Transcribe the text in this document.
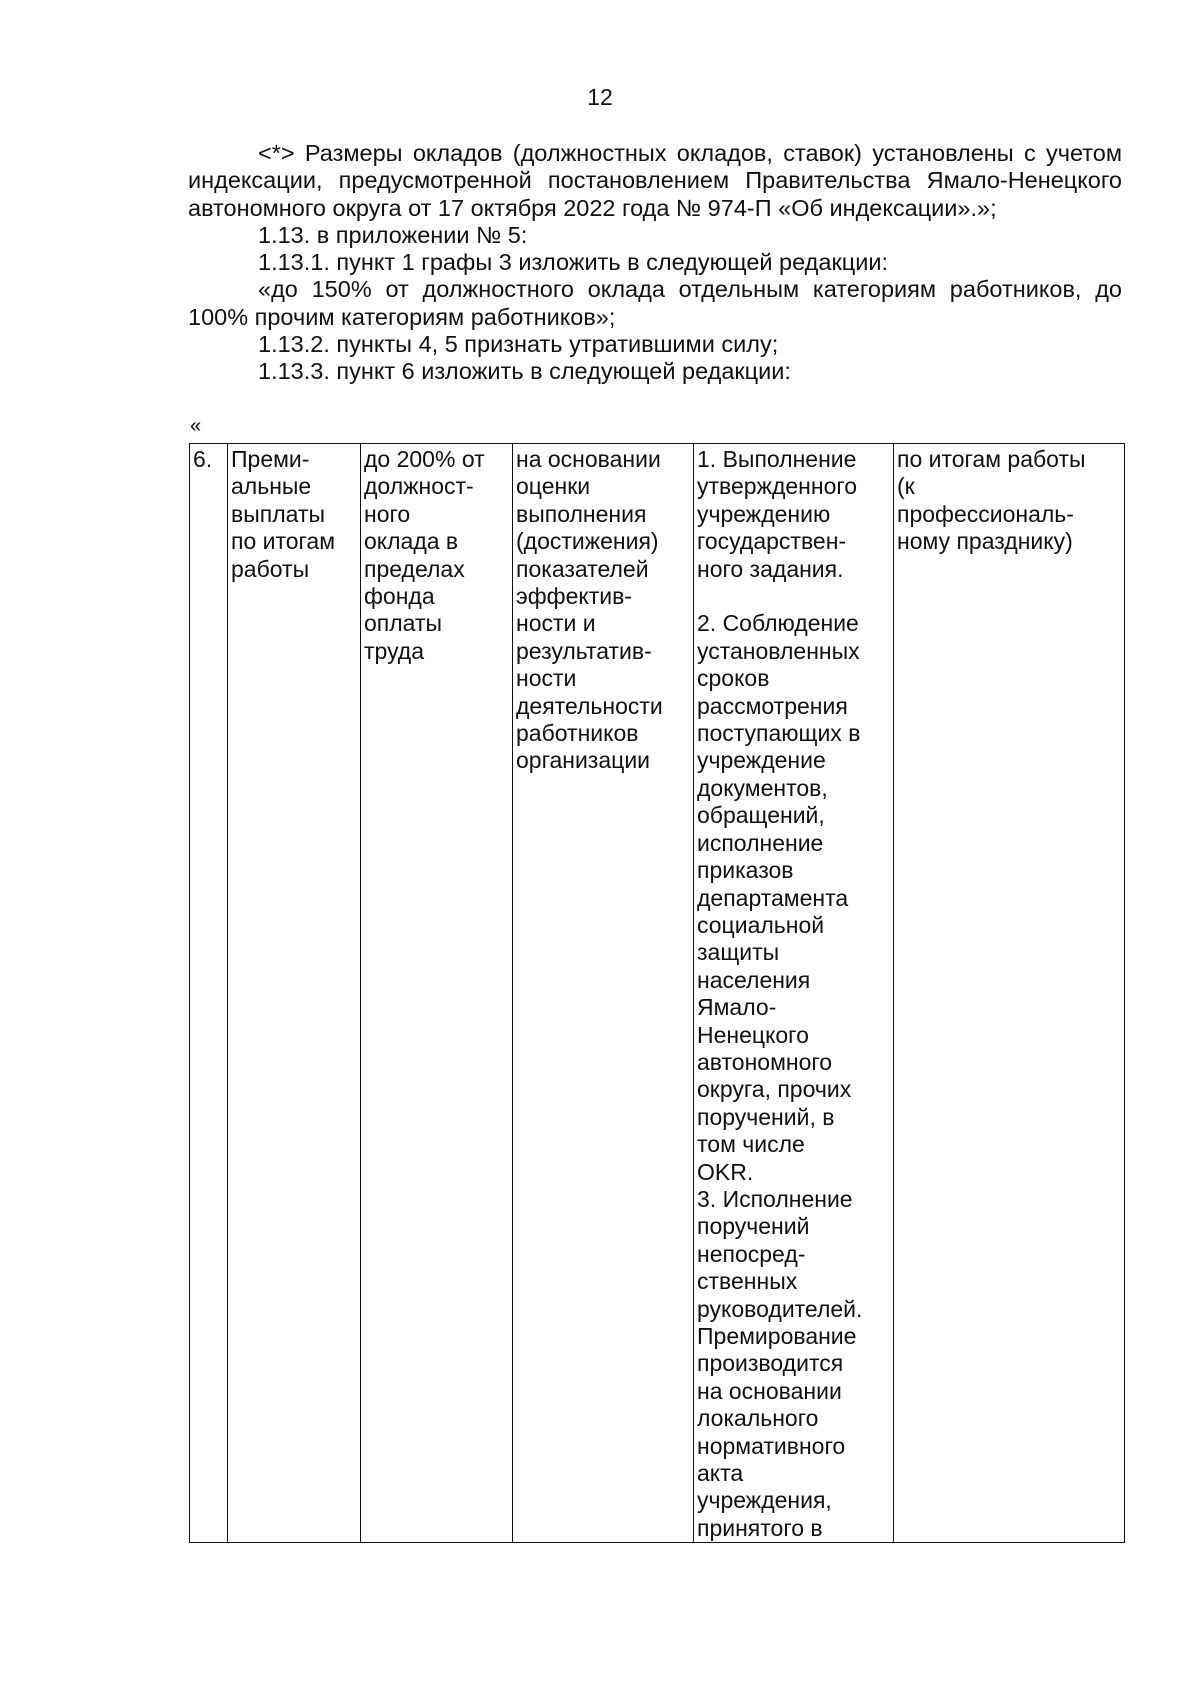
12

<*> Размеры окладов (должностных окладов, ставок) установлены с учетом индексации, предусмотренной постановлением Правительства Ямало-Ненецкого автономного округа от 17 октября 2022 года № 974-П «Об индексации».»;

1.13. в приложении № 5:

1.13.1. пункт 1 графы 3 изложить в следующей редакции:

«до 150% от должностного оклада отдельным категориям работников, до 100% прочим категориям работников»;

1.13.2. пункты 4, 5 признать утратившими силу;

1.13.3. пункт 6 изложить в следующей редакции:

«
6.	Преми-
альные
выплаты
по итогам
работы	до 200% от
должност-
ного
оклада в
пределах
фонда
оплаты
труда	на основании
оценки
выполнения
(достижения)
показателей
эффектив-
ности и
результатив-
ности
деятельности
работников
организации	1. Выполнение
утвержденного
учреждению
государствен-
ного задания.

2. Соблюдение
установленных
сроков
рассмотрения
поступающих в
учреждение
документов,
обращений,
исполнение
приказов
департамента
социальной
защиты
населения
Ямало-
Ненецкого
автономного
округа, прочих
поручений, в
том числе
OKR.
3. Исполнение
поручений
непосред-
ственных
руководителей.
Премирование
производится
на основании
локального
нормативного
акта
учреждения,
принятого в	по итогам работы
(к
профессиональ-
ному празднику)
